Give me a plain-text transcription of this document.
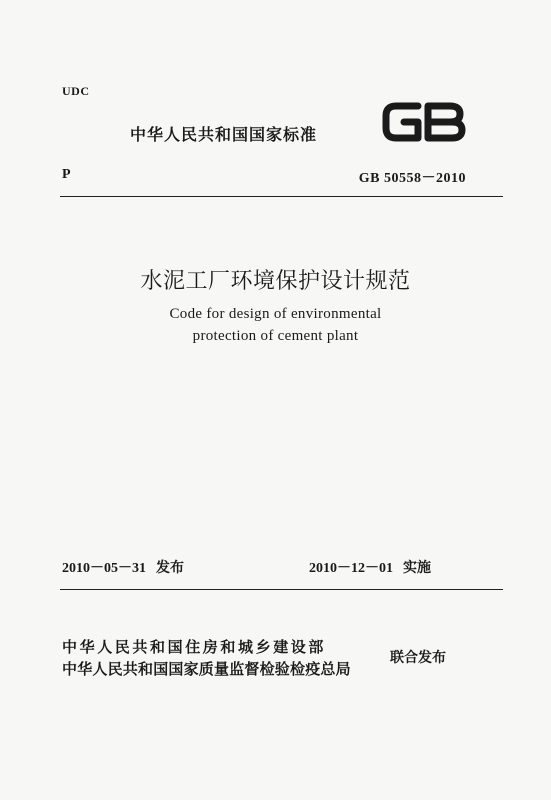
UDC
中华人民共和国国家标准
P	GB 50558－2010
水泥工厂环境保护设计规范
Code for design of environmental
protection of cement plant
2010－05－31 发布	2010－12－01 实施
中华人民共和国住房和城乡建设部
中华人民共和国国家质量监督检验检疫总局
联合发布
